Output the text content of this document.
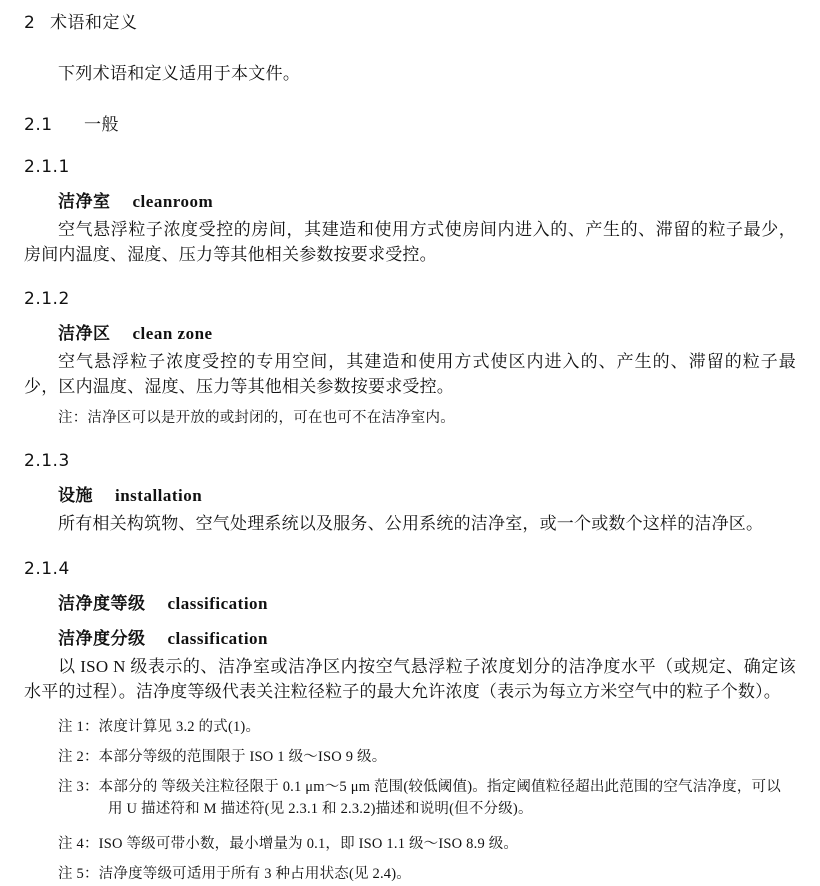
2 术语和定义
下列术语和定义适用于本文件。
2.1 一般
2.1.1
洁净室 cleanroom
空气悬浮粒子浓度受控的房间，其建造和使用方式使房间内进入的、产生的、滞留的粒子最少，房间内温度、湿度、压力等其他相关参数按要求受控。
2.1.2
洁净区 clean zone
空气悬浮粒子浓度受控的专用空间，其建造和使用方式使区内进入的、产生的、滞留的粒子最少，区内温度、湿度、压力等其他相关参数按要求受控。
注：洁净区可以是开放的或封闭的，可在也可不在洁净室内。
2.1.3
设施 installation
所有相关构筑物、空气处理系统以及服务、公用系统的洁净室，或一个或数个这样的洁净区。
2.1.4
洁净度等级 classification
洁净度分级 classification
以 ISO N 级表示的、洁净室或洁净区内按空气悬浮粒子浓度划分的洁净度水平（或规定、确定该水平的过程）。洁净度等级代表关注粒径粒子的最大允许浓度（表示为每立方米空气中的粒子个数）。
注 1：浓度计算见 3.2 的式(1)。
注 2：本部分等级的范围限于 ISO 1 级～ISO 9 级。
注 3：本部分的 等级关注粒径限于 0.1 μm～5 μm 范围(较低阈值)。指定阈值粒径超出此范围的空气洁净度，可以
用 U 描述符和 M 描述符(见 2.3.1 和 2.3.2)描述和说明(但不分级)。
注 4：ISO 等级可带小数，最小增量为 0.1，即 ISO 1.1 级～ISO 8.9 级。
注 5：洁净度等级可适用于所有 3 种占用状态(见 2.4)。
